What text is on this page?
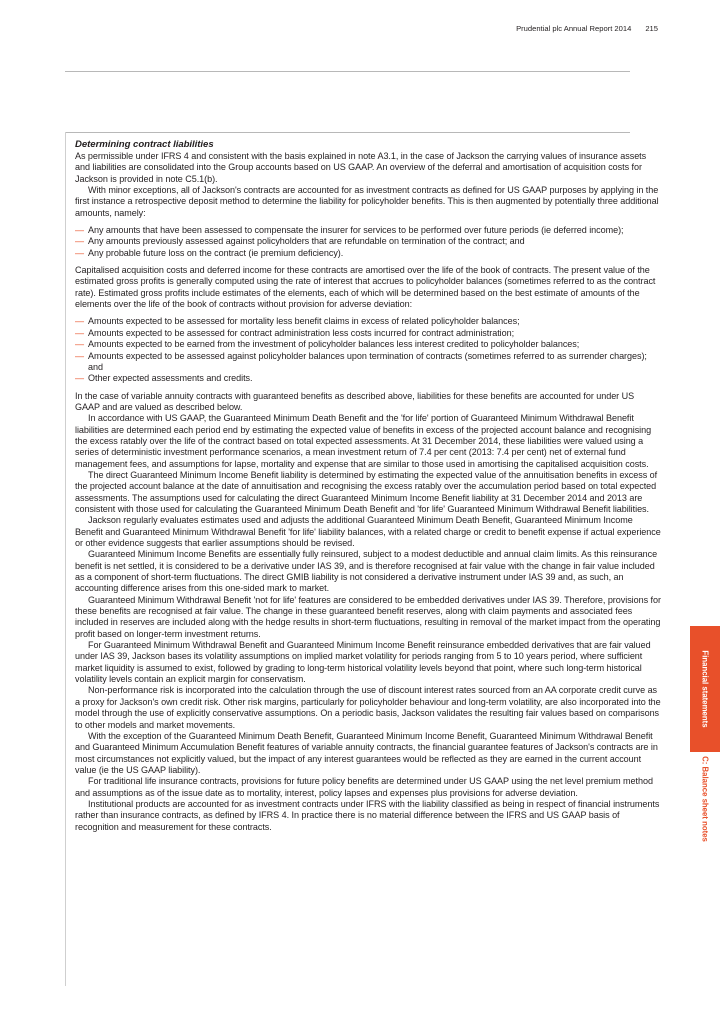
Prudential plc Annual Report 2014 215
Determining contract liabilities

As permissible under IFRS 4 and consistent with the basis explained in note A3.1, in the case of Jackson the carrying values of insurance assets and liabilities are consolidated into the Group accounts based on US GAAP. An overview of the deferral and amortisation of acquisition costs for Jackson is provided in note C5.1(b).

With minor exceptions, all of Jackson's contracts are accounted for as investment contracts as defined for US GAAP purposes by applying in the first instance a retrospective deposit method to determine the liability for policyholder benefits. This is then augmented by potentially three additional amounts, namely:

— Any amounts that have been assessed to compensate the insurer for services to be performed over future periods (ie deferred income);
— Any amounts previously assessed against policyholders that are refundable on termination of the contract; and
— Any probable future loss on the contract (ie premium deficiency).

Capitalised acquisition costs and deferred income for these contracts are amortised over the life of the book of contracts. The present value of the estimated gross profits is generally computed using the rate of interest that accrues to policyholder balances (sometimes referred to as the contract rate). Estimated gross profits include estimates of the elements, each of which will be determined based on the best estimate of amounts of the elements over the life of the book of contracts without provision for adverse deviation:

— Amounts expected to be assessed for mortality less benefit claims in excess of related policyholder balances;
— Amounts expected to be assessed for contract administration less costs incurred for contract administration;
— Amounts expected to be earned from the investment of policyholder balances less interest credited to policyholder balances;
— Amounts expected to be assessed against policyholder balances upon termination of contracts (sometimes referred to as surrender charges); and
— Other expected assessments and credits.

In the case of variable annuity contracts with guaranteed benefits as described above, liabilities for these benefits are accounted for under US GAAP and are valued as described below.

In accordance with US GAAP, the Guaranteed Minimum Death Benefit and the 'for life' portion of Guaranteed Minimum Withdrawal Benefit liabilities are determined each period end by estimating the expected value of benefits in excess of the projected account balance and recognising the excess ratably over the life of the contract based on total expected assessments. At 31 December 2014, these liabilities were valued using a series of deterministic investment performance scenarios, a mean investment return of 7.4 per cent (2013: 7.4 per cent) net of external fund management fees, and assumptions for lapse, mortality and expense that are similar to those used in amortising the capitalised acquisition costs.

The direct Guaranteed Minimum Income Benefit liability is determined by estimating the expected value of the annuitisation benefits in excess of the projected account balance at the date of annuitisation and recognising the excess ratably over the accumulation period based on total expected assessments. The assumptions used for calculating the direct Guaranteed Minimum Income Benefit liability at 31 December 2014 and 2013 are consistent with those used for calculating the Guaranteed Minimum Death Benefit and 'for life' Guaranteed Minimum Withdrawal Benefit liabilities.

Jackson regularly evaluates estimates used and adjusts the additional Guaranteed Minimum Death Benefit, Guaranteed Minimum Income Benefit and Guaranteed Minimum Withdrawal Benefit 'for life' liability balances, with a related charge or credit to benefit expense if actual experience or other evidence suggests that earlier assumptions should be revised.

Guaranteed Minimum Income Benefits are essentially fully reinsured, subject to a modest deductible and annual claim limits. As this reinsurance benefit is net settled, it is considered to be a derivative under IAS 39, and is therefore recognised at fair value with the change in fair value included as a component of short-term fluctuations. The direct GMIB liability is not considered a derivative instrument under IAS 39 and, as such, an accounting difference arises from this one-sided mark to market.

Guaranteed Minimum Withdrawal Benefit 'not for life' features are considered to be embedded derivatives under IAS 39. Therefore, provisions for these benefits are recognised at fair value. The change in these guaranteed benefit reserves, along with claim payments and associated fees included in reserves are included along with the hedge results in short-term fluctuations, resulting in removal of the market impact from the operating profit based on longer-term investment returns.

For Guaranteed Minimum Withdrawal Benefit and Guaranteed Minimum Income Benefit reinsurance embedded derivatives that are fair valued under IAS 39, Jackson bases its volatility assumptions on implied market volatility for periods ranging from 5 to 10 years period, where sufficient market liquidity is assumed to exist, followed by grading to long-term historical volatility levels beyond that point, where such long-term historical volatility levels contain an explicit margin for conservatism.

Non-performance risk is incorporated into the calculation through the use of discount interest rates sourced from an AA corporate credit curve as a proxy for Jackson's own credit risk. Other risk margins, particularly for policyholder behaviour and long-term volatility, are also incorporated into the model through the use of explicitly conservative assumptions. On a periodic basis, Jackson validates the resulting fair values based on comparisons to other models and market movements.

With the exception of the Guaranteed Minimum Death Benefit, Guaranteed Minimum Income Benefit, Guaranteed Minimum Withdrawal Benefit and Guaranteed Minimum Accumulation Benefit features of variable annuity contracts, the financial guarantee features of Jackson's contracts are in most circumstances not explicitly valued, but the impact of any interest guarantees would be reflected as they are earned in the current account value (ie the US GAAP liability).

For traditional life insurance contracts, provisions for future policy benefits are determined under US GAAP using the net level premium method and assumptions as of the issue date as to mortality, interest, policy lapses and expenses plus provisions for adverse deviation.

Institutional products are accounted for as investment contracts under IFRS with the liability classified as being in respect of financial instruments rather than insurance contracts, as defined by IFRS 4. In practice there is no material difference between the IFRS and US GAAP basis of recognition and measurement for these contracts.

Financial statements
C: Balance sheet notes
